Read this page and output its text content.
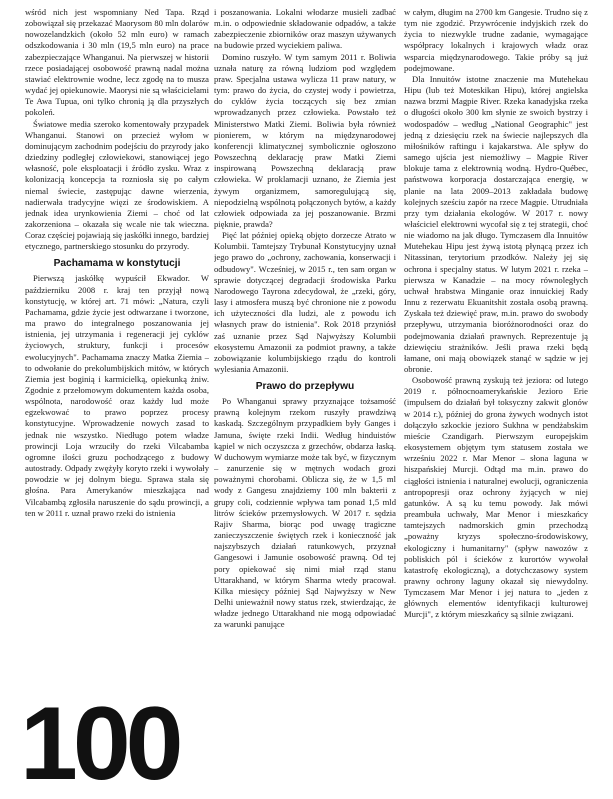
wśród nich jest wspomniany Ned Tapa. Rząd zobowiązał się przekazać Maorysom 80 mln dolarów nowozelandzkich (około 52 mln euro) w ramach odszkodowania i 30 mln (19,5 mln euro) na prace zabezpieczające Whanganui. Na pierwszej w historii rzece posiadającej osobowość prawną nadal można stawiać elektrownie wodne, lecz zgodę na to musza wydać jej opiekunowie. Maorysi nie są właścicielami Te Awa Tupua, oni tylko chronią ją dla przyszłych pokoleń.

Światowe media szeroko komentowały przypadek Whanganui. Stanowi on przecież wyłom w dominującym zachodnim podejściu do przyrody jako dziedziny podległej człowiekowi, stanowiącej jego własność, pole eksploatacji i źródło zysku. Wraz z kolonizacją koncepcja ta rozniosła się po całym niemal świecie, zastępując dawne wierzenia, nadierwała tradycyjne więzi ze środowiskiem. A jednak idea urynkowienia Ziemi – choć od lat zakorzeniona – okazała się wcale nie tak wieczna. Coraz częściej pojawiają się jaskółki innego, bardziej etycznego, partnerskiego stosunku do przyrody.

Pachamama w konstytucji

Pierwszą jaskółkę wypuścił Ekwador. W październiku 2008 r. kraj ten przyjął nową konstytucję, w której art. 71 mówi: „Natura, czyli Pachamama, gdzie życie jest odtwarzane i tworzone, ma prawo do integralnego poszanowania jej istnienia, jej utrzymania i regeneracji jej cyklów życiowych, struktury, funkcji i procesów ewolucyjnych". Pachamama znaczy Matka Ziemia – to odwołanie do prekolumbijskich mitów, w których Ziemia jest boginią i karmicielką, opiekunką żniw. Zgodnie z przełomowym dokumentem każda osoba, wspólnota, narodowość oraz każdy lud może egzekwować to prawo poprzez procesy konstytucyjne. Wprowadzenie nowych zasad to jednak nie wszystko. Niedługo potem władze prowincji Loja wrzuciły do rzeki Vilcabamba ogromne ilości gruzu pochodzącego z budowy autostrady. Odpady zwężyły koryto rzeki i wywołały powodzie w jej dolnym biegu. Sprawa stała się głośna. Para Amerykanów mieszkająca nad Vilcabambą zgłosiła naruszenie do sądu prowincji, a ten w 2011 r. uznał prawo rzeki do istnienia

100

i poszanowania. Lokalni włodarze musieli zadbać m.in. o odpowiednie składowanie odpadów, a także zabezpieczenie zbiorników oraz maszyn używanych na budowie przed wyciekiem paliwa.

Domino ruszyło. W tym samym 2011 r. Boliwia uznała naturę za równą ludziom pod względem praw. Specjalna ustawa wylicza 11 praw natury, w tym: prawo do życia, do czystej wody i powietrza, do cyklów życia toczących się bez zmian wprowadzanych przez człowieka. Powstało też Ministerstwo Matki Ziemi. Boliwia była również pionierem, w którym na międzynarodowej konferencji klimatycznej symbolicznie ogłoszono Powszechną deklarację praw Matki Ziemi inspirowaną Powszechną deklaracją praw człowieka. W proklamacji uznano, że Ziemia jest żywym organizmem, samoregulującą się, niepodzielną wspólnotą połączonych bytów, a każdy człowiek odpowiada za jej poszanowanie. Brzmi pięknie, prawda?

Pięć lat później opieką objęto dorzecze Atrato w Kolumbii. Tamtejszy Trybunał Konstytucyjny uznał jego prawo do „ochrony, zachowania, konserwacji i odbudowy". Wcześniej, w 2015 r., ten sam organ w sprawie dotyczącej degradacji środowiska Parku Narodowego Tayrona zdecydował, że „rzeki, góry, lasy i atmosfera muszą być chronione nie z powodu ich użyteczności dla ludzi, ale z powodu ich własnych praw do istnienia". Rok 2018 przyniósł zaś uznanie przez Sąd Najwyższy Kolumbii ekosystemu Amazonii za podmiot prawny, a także zobowiązanie kolumbijskiego rządu do kontroli wylesiania Amazonii.

Prawo do przepływu

Po Whanganui sprawy przyznające tożsamość prawną kolejnym rzekom ruszyły prawdziwą kaskadą. Szczególnym przypadkiem były Ganges i Jamuna, święte rzeki Indii. Według hinduistów kąpiel w nich oczyszcza z grzechów, obdarza łaską. W duchowym wymiarze może tak być, w fizycznym – zanurzenie się w mętnych wodach grozi poważnymi chorobami. Oblicza się, że w 1,5 ml wody z Gangesu znajdziemy 100 mln bakterii z grupy coli, codziennie wpływa tam ponad 1,5 mld litrów ścieków przemysłowych. W 2017 r. sędzia Rajiv Sharma, biorąc pod uwagę tragiczne zanieczyszczenie świętych rzek i konieczność jak najszybszych działań ratunkowych, przyznał Gangesowi i Jamunie osobowość prawną. Od tej pory opiekować się nimi miał rząd stanu Uttarakhand, w którym Sharma wtedy pracował. Kilka miesięcy później Sąd Najwyższy w New Delhi unieważnił nowy status rzek, stwierdzając, że władze jednego Uttarakhand nie mogą odpowiadać za warunki panujące

w całym, długim na 2700 km Gangesie. Trudno się z tym nie zgodzić. Przywrócenie indyjskich rzek do życia to niezwykle trudne zadanie, wymagające współpracy lokalnych i krajowych władz oraz wsparcia międzynarodowego. Takie próby są już podejmowane.

Dla Innuitów istotne znaczenie ma Mutehekau Hipu (lub też Moteskikan Hipu), której angielska nazwa brzmi Magpie River. Rzeka kanadyjska rzeka o długości około 300 km słynie ze swoich bystrzy i wodospadów – według „National Geographic" jest jedną z dziesięciu rzek na świecie najlepszych dla miłośników raftingu i kajakarstwa. Ale spływ do samego ujścia jest niemożliwy – Magpie River blokuje tama z elektrownią wodną. Hydro-Québec, państwowa korporacja dostarczająca energię, w planie na lata 2009–2013 zakładała budowę kolejnych sześciu zapór na rzece Magpie. Utrudniała przy tym działania ekologów. W 2017 r. nowy właściciel elektrowni wycofał się z tej strategii, choć nie wiadomo na jak długo. Tymczasem dla Innuitów Mutehekau Hipu jest żywą istotą płynącą przez ich Nitassinan, terytorium przodków. Należy jej się ochrona i specjalny status. W lutym 2021 r. rzeka – pierwsza w Kanadzie – na mocy równoległych uchwał hrabstwa Minganie oraz innuickiej Rady Innu z rezerwatu Ekuanitshit została osobą prawną. Zyskała też dziewięć praw, m.in. prawo do swobody przepływu, utrzymania bioróżnorodności oraz do podejmowania działań prawnych. Reprezentuje ją dziewięciu strażników. Jeśli prawa rzeki będą łamane, oni mają obowiązek stanąć w sądzie w jej obronie.

Osobowość prawną zyskują też jeziora: od lutego 2019 r. północnoamerykańskie Jezioro Erie (impulsem do działań był toksyczny zakwit glonów w 2014 r.), później do grona żywych wodnych istot dołączyło szkockie jezioro Sukhna w pendżabskim mieście Czandigarh. Pierwszym europejskim ekosystemem objętym tym statusem została we wrześniu 2022 r. Mar Menor – słona laguna w hiszpańskiej Murcji. Odtąd ma m.in. prawo do ciągłości istnienia i naturalnej ewolucji, ograniczenia antropopresji oraz ochrony żyjących w niej gatunków. A są ku temu powody. Jak mówi preambuła uchwały, Mar Menor i mieszkańcy tamtejszych nadmorskich gmin przechodzą „poważny kryzys społeczno-środowiskowy, ekologiczny i humanitarny" (spływ nawozów z pobliskich pól i ścieków z kurortów wywołał katastrofę ekologiczną), a dotychczasowy system prawny ochrony laguny okazał się niewydolny. Tymczasem Mar Menor i jej natura to „jeden z głównych elementów identyfikacji kulturowej Murcji", z którym mieszkańcy są silnie związani.
